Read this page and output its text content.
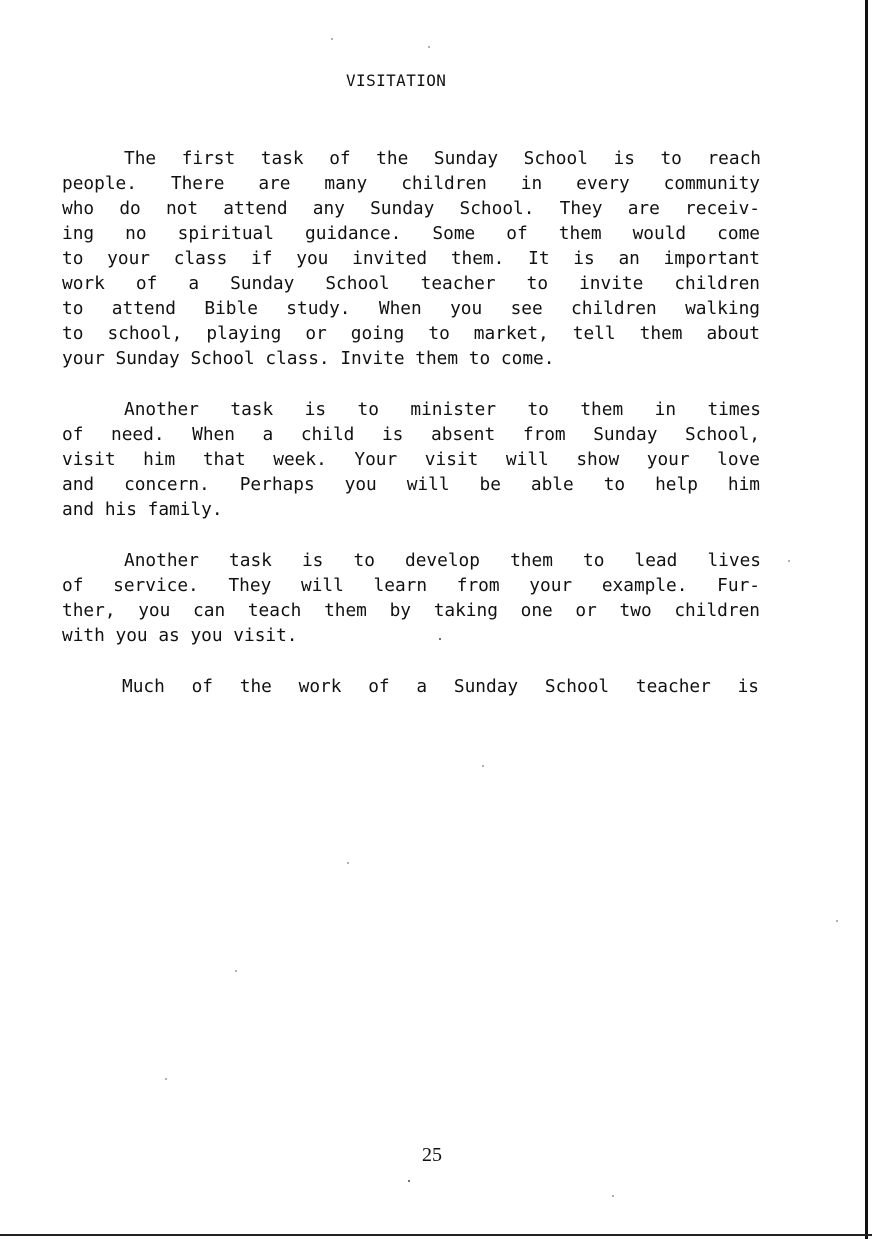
VISITATION
The first task of the Sunday School is to reach
people. There are many children in every community
who do not attend any Sunday School. They are receiv-
ing no spiritual guidance. Some of them would come
to your class if you invited them. It is an important
work of a Sunday School teacher to invite children
to attend Bible study. When you see children walking
to school, playing or going to market, tell them about
your Sunday School class. Invite them to come.
Another task is to minister to them in times
of need. When a child is absent from Sunday School,
visit him that week. Your visit will show your love
and concern. Perhaps you will be able to help him
and his family.
Another task is to develop them to lead lives
of service. They will learn from your example. Fur-
ther, you can teach them by taking one or two children
with you as you visit.
Much of the work of a Sunday School teacher is
25
